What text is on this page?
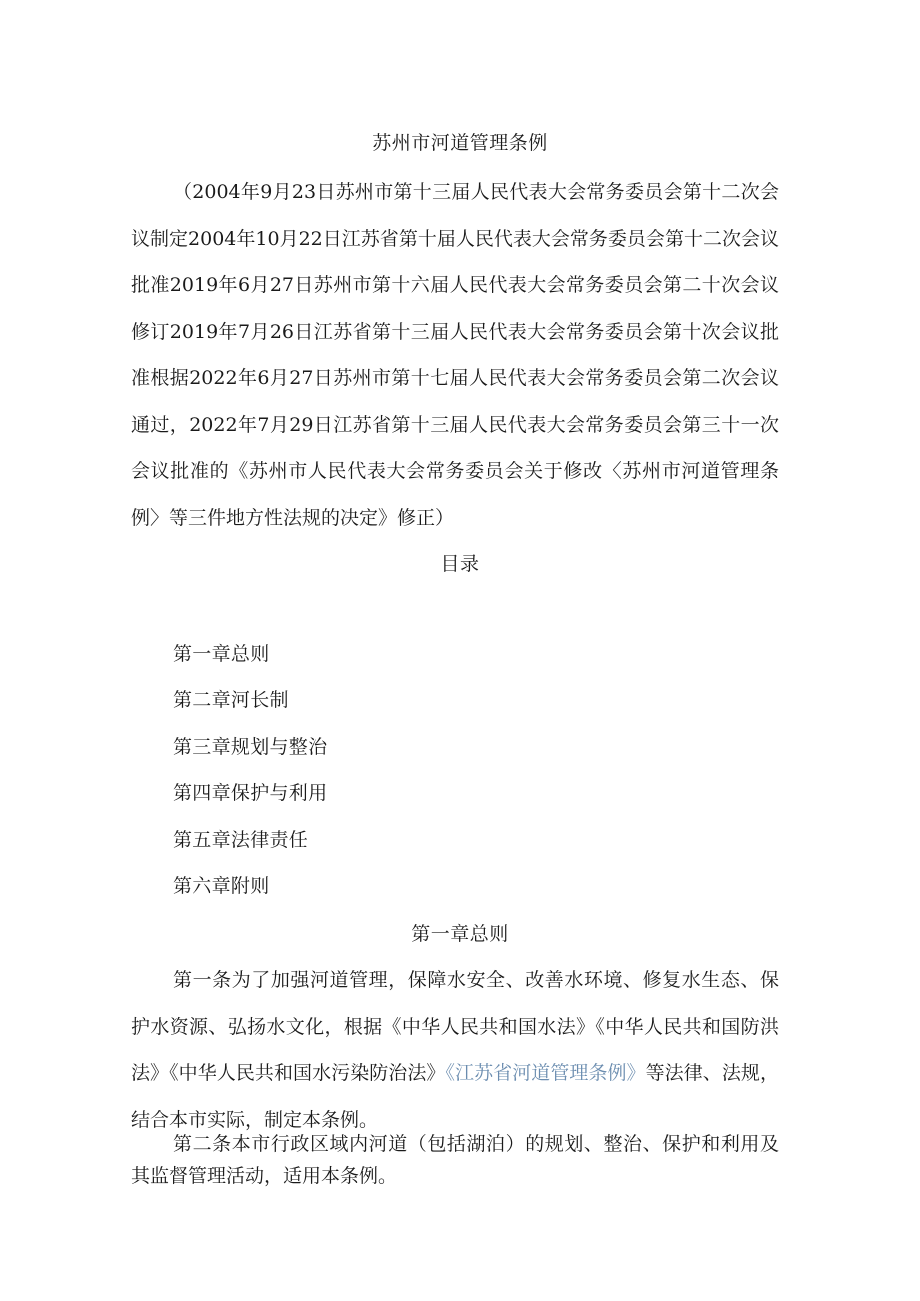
苏州市河道管理条例
（2004年9月23日苏州市第十三届人民代表大会常务委员会第十二次会议制定2004年10月22日江苏省第十届人民代表大会常务委员会第十二次会议批准2019年6月27日苏州市第十六届人民代表大会常务委员会第二十次会议修订2019年7月26日江苏省第十三届人民代表大会常务委员会第十次会议批准根据2022年6月27日苏州市第十七届人民代表大会常务委员会第二次会议通过，2022年7月29日江苏省第十三届人民代表大会常务委员会第三十一次会议批准的《苏州市人民代表大会常务委员会关于修改〈苏州市河道管理条例〉等三件地方性法规的决定》修正）
目录
第一章总则
第二章河长制
第三章规划与整治
第四章保护与利用
第五章法律责任
第六章附则
第一章总则
第一条为了加强河道管理，保障水安全、改善水环境、修复水生态、保护水资源、弘扬水文化，根据《中华人民共和国水法》《中华人民共和国防洪法》《中华人民共和国水污染防治法》《江苏省河道管理条例》等法律、法规，结合本市实际，制定本条例。
第二条本市行政区域内河道（包括湖泊）的规划、整治、保护和利用及其监督管理活动，适用本条例。
